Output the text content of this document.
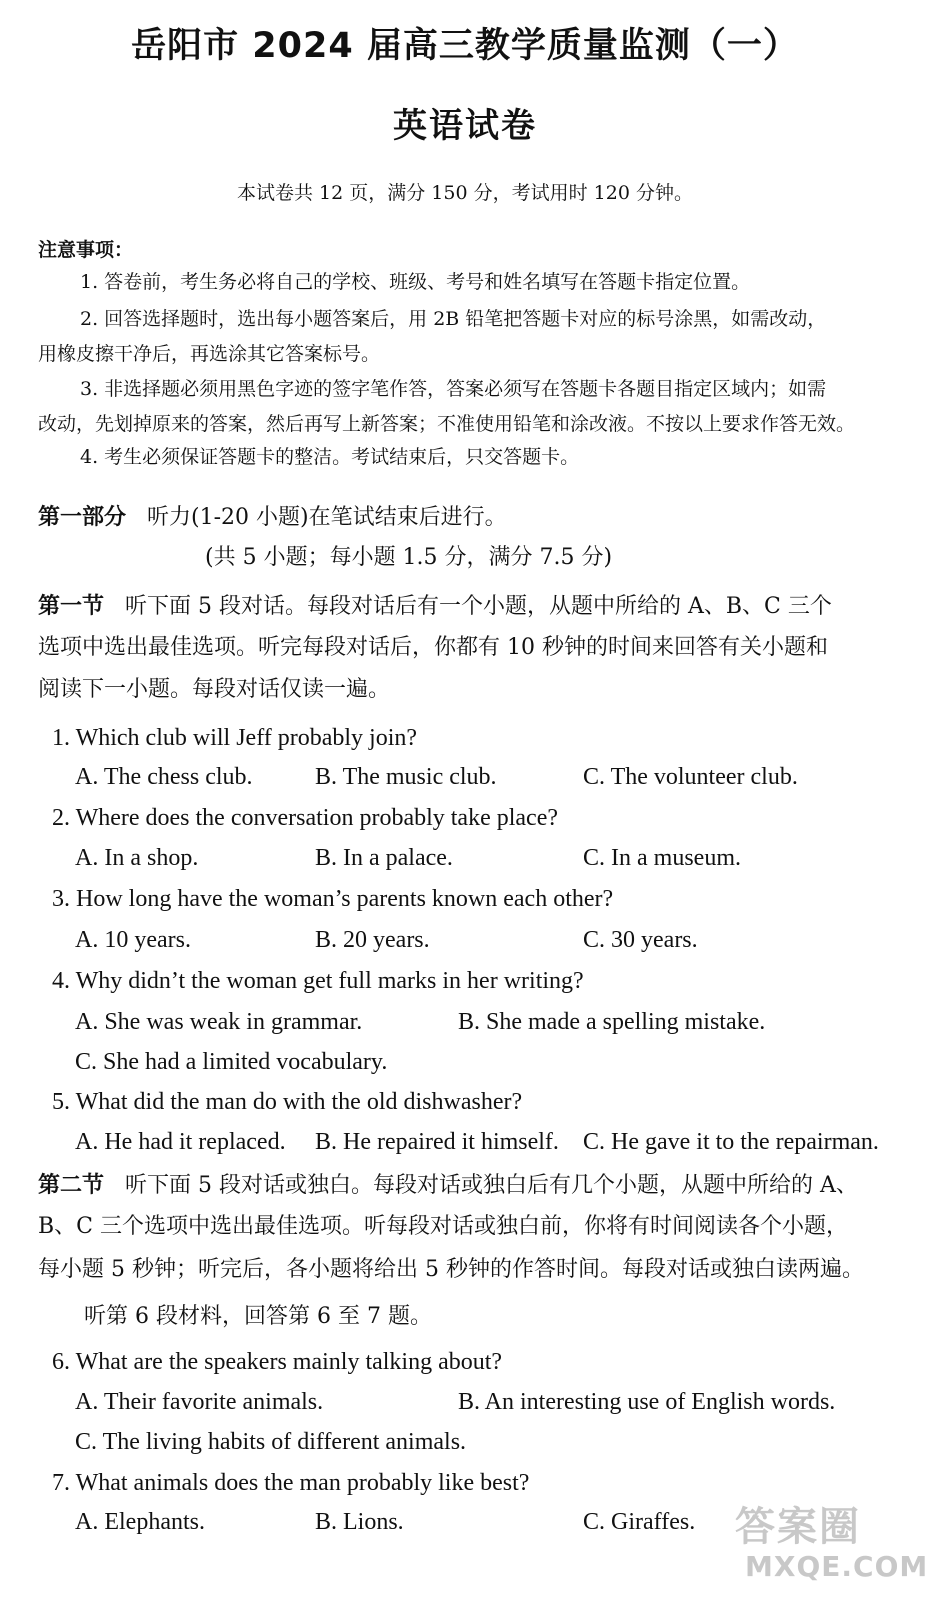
岳阳市 2024 届高三教学质量监测（一）
英语试卷
本试卷共 12 页，满分 150 分，考试用时 120 分钟。
注意事项：
1. 答卷前，考生务必将自己的学校、班级、考号和姓名填写在答题卡指定位置。
2. 回答选择题时，选出每小题答案后，用 2B 铅笔把答题卡对应的标号涂黑，如需改动，
用橡皮擦干净后，再选涂其它答案标号。
3. 非选择题必须用黑色字迹的签字笔作答，答案必须写在答题卡各题目指定区域内；如需
改动，先划掉原来的答案，然后再写上新答案；不准使用铅笔和涂改液。不按以上要求作答无效。
4. 考生必须保证答题卡的整洁。考试结束后，只交答题卡。
第一部分 听力(1-20 小题)在笔试结束后进行。
(共 5 小题；每小题 1.5 分，满分 7.5 分)
第一节 听下面 5 段对话。每段对话后有一个小题，从题中所给的 A、B、C 三个
选项中选出最佳选项。听完每段对话后，你都有 10 秒钟的时间来回答有关小题和
阅读下一小题。每段对话仅读一遍。
1. Which club will Jeff probably join?
A. The chess club.	B. The music club.	C. The volunteer club.
2. Where does the conversation probably take place?
A. In a shop.	B. In a palace.	C. In a museum.
3. How long have the woman’s parents known each other?
A. 10 years.	B. 20 years.	C. 30 years.
4. Why didn’t the woman get full marks in her writing?
A. She was weak in grammar.	B. She made a spelling mistake.
C. She had a limited vocabulary.
5. What did the man do with the old dishwasher?
A. He had it replaced. B. He repaired it himself. C. He gave it to the repairman.
第二节 听下面 5 段对话或独白。每段对话或独白后有几个小题，从题中所给的 A、
B、C 三个选项中选出最佳选项。听每段对话或独白前，你将有时间阅读各个小题，
每小题 5 秒钟；听完后，各小题将给出 5 秒钟的作答时间。每段对话或独白读两遍。
听第 6 段材料，回答第 6 至 7 题。
6. What are the speakers mainly talking about?
A. Their favorite animals.	B. An interesting use of English words.
C. The living habits of different animals.
7. What animals does the man probably like best?
A. Elephants.	B. Lions.	C. Giraffes. 答案圈
MXQE.COM
